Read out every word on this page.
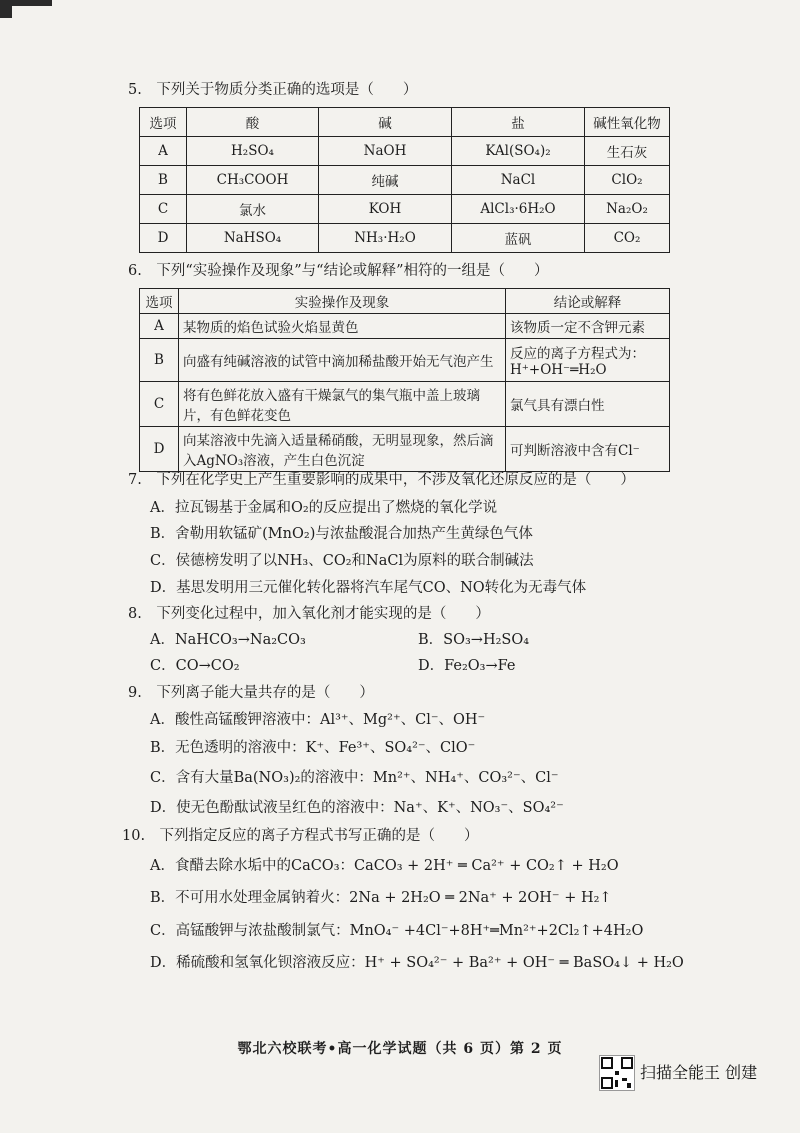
5.　下列关于物质分类正确的选项是（　　）
选项	酸	碱	盐	碱性氧化物
A	H₂SO₄	NaOH	KAl(SO₄)₂	生石灰
B	CH₃COOH	纯碱	NaCl	ClO₂
C	氯水	KOH	AlCl₃·6H₂O	Na₂O₂
D	NaHSO₄	NH₃·H₂O	蓝矾	CO₂
6.　下列“实验操作及现象”与“结论或解释”相符的一组是（　　）
选项	实验操作及现象	结论或解释
A	某物质的焰色试验火焰显黄色	该物质一定不含钾元素
B	向盛有纯碱溶液的试管中滴加稀盐酸开始无气泡产生	反应的离子方程式为：H⁺+OH⁻═H₂O
C	将有色鲜花放入盛有干燥氯气的集气瓶中盖上玻璃片，有色鲜花变色	氯气具有漂白性
D	向某溶液中先滴入适量稀硝酸，无明显现象，然后滴入AgNO₃溶液，产生白色沉淀	可判断溶液中含有Cl⁻
7.　下列在化学史上产生重要影响的成果中，不涉及氧化还原反应的是（　　）
A．拉瓦锡基于金属和O₂的反应提出了燃烧的氧化学说
B．舍勒用软锰矿(MnO₂)与浓盐酸混合加热产生黄绿色气体
C．侯德榜发明了以NH₃、CO₂和NaCl为原料的联合制碱法
D．基思发明用三元催化转化器将汽车尾气CO、NO转化为无毒气体
8.　下列变化过程中，加入氧化剂才能实现的是（　　）
A．NaHCO₃→Na₂CO₃	B．SO₃→H₂SO₄
C．CO→CO₂	D．Fe₂O₃→Fe
9.　下列离子能大量共存的是（　　）
A．酸性高锰酸钾溶液中：Al³⁺、Mg²⁺、Cl⁻、OH⁻
B．无色透明的溶液中：K⁺、Fe³⁺、SO₄²⁻、ClO⁻
C．含有大量Ba(NO₃)₂的溶液中：Mn²⁺、NH₄⁺、CO₃²⁻、Cl⁻
D．使无色酚酞试液呈红色的溶液中：Na⁺、K⁺、NO₃⁻、SO₄²⁻
10.　下列指定反应的离子方程式书写正确的是（　　）
A．食醋去除水垢中的CaCO₃：CaCO₃ + 2H⁺ ═ Ca²⁺ + CO₂↑ + H₂O
B．不可用水处理金属钠着火：2Na + 2H₂O ═ 2Na⁺ + 2OH⁻ + H₂↑
C．高锰酸钾与浓盐酸制氯气：MnO₄⁻ +4Cl⁻+8H⁺═Mn²⁺+2Cl₂↑+4H₂O
D．稀硫酸和氢氧化钡溶液反应：H⁺ + SO₄²⁻ + Ba²⁺ + OH⁻ ═ BaSO₄↓ + H₂O
鄂北六校联考•高一化学试题（共 6 页）第 2 页
扫描全能王 创建
